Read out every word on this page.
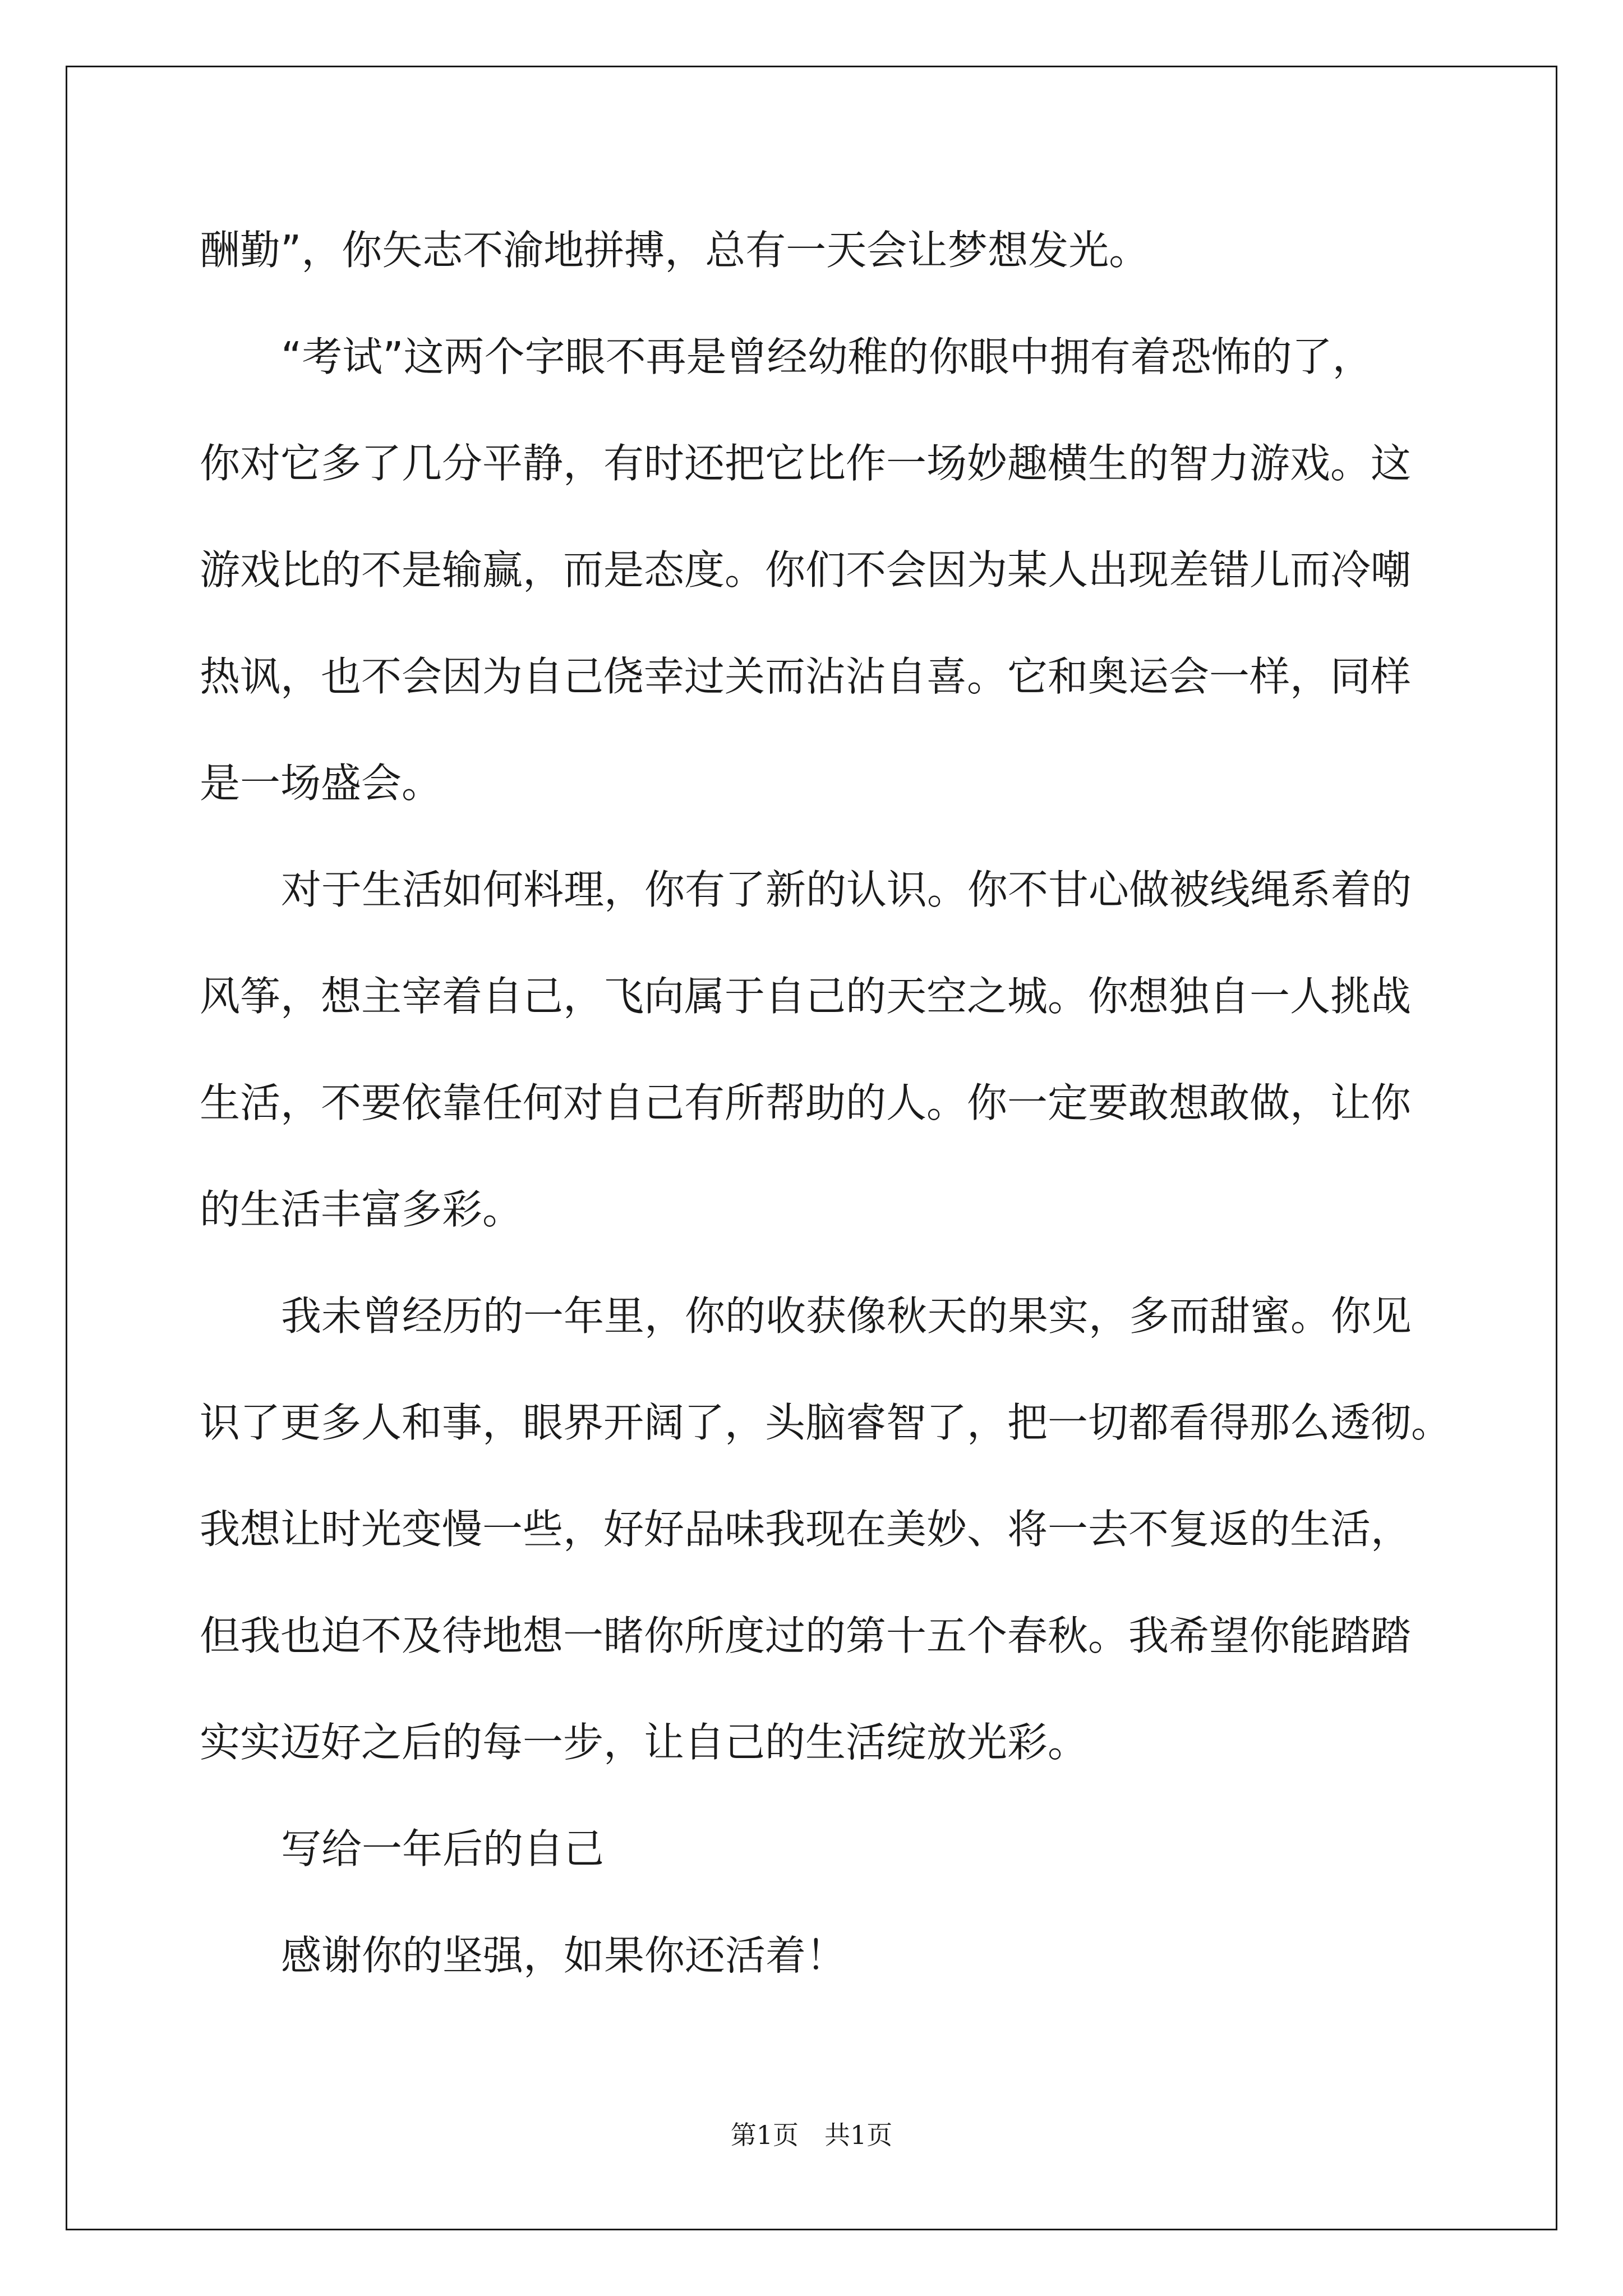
酬勤”，你矢志不渝地拼搏，总有一天会让梦想发光。

“考试”这两个字眼不再是曾经幼稚的你眼中拥有着恐怖的了，

你对它多了几分平静，有时还把它比作一场妙趣横生的智力游戏。这

游戏比的不是输赢，而是态度。你们不会因为某人出现差错儿而冷嘲

热讽，也不会因为自己侥幸过关而沾沾自喜。它和奥运会一样，同样

是一场盛会。

对于生活如何料理，你有了新的认识。你不甘心做被线绳系着的

风筝，想主宰着自己，飞向属于自己的天空之城。你想独自一人挑战

生活，不要依靠任何对自己有所帮助的人。你一定要敢想敢做，让你

的生活丰富多彩。

我未曾经历的一年里，你的收获像秋天的果实，多而甜蜜。你见

识了更多人和事，眼界开阔了，头脑睿智了，把一切都看得那么透彻。

我想让时光变慢一些，好好品味我现在美妙、将一去不复返的生活，

但我也迫不及待地想一睹你所度过的第十五个春秋。我希望你能踏踏

实实迈好之后的每一步，让自己的生活绽放光彩。

写给一年后的自己

感谢你的坚强，如果你还活着！

第1页　共1页
